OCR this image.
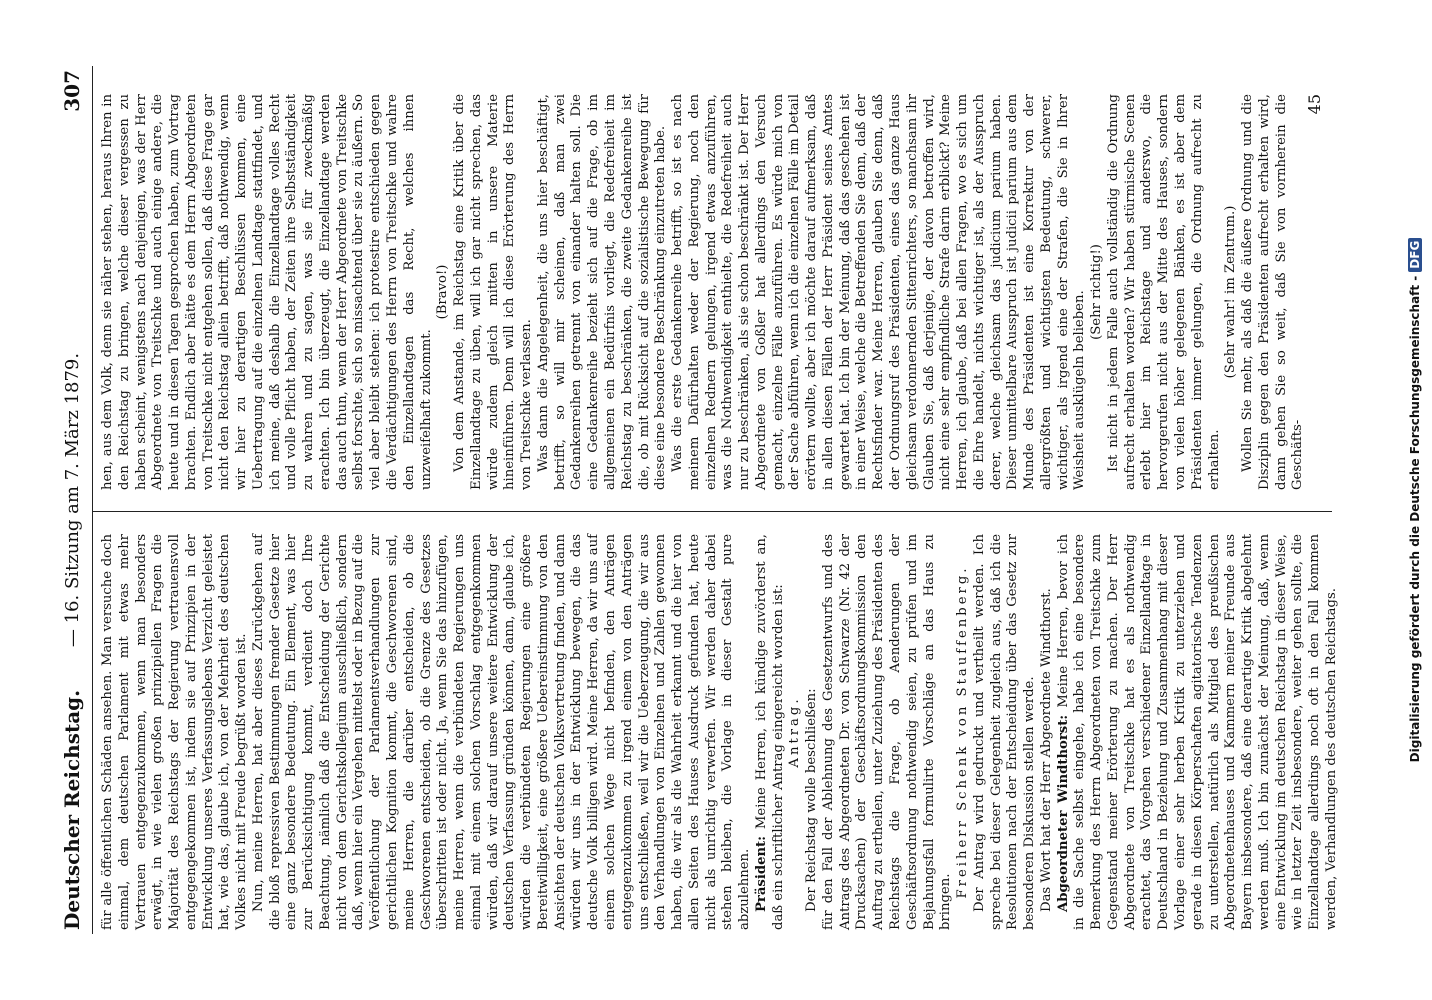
Deutscher Reichstag.
— 16. Sitzung am 7. März 1879.
307

für alle öffentlichen Schäden ansehen. Man versuche doch einmal, dem deutschen Parlament mit etwas mehr Vertrauen entgegenzukommen, wenn man besonders erwägt, in wie vielen großen prinzipiellen Fragen die Majorität des Reichstags der Regierung vertrauensvoll entgegengekommen ist, indem sie auf Prinzipien in der Entwicklung unseres Verfassungslebens Verzicht geleistet hat, wie das, glaube ich, von der Mehrheit des deutschen Volkes nicht mit Freude begrüßt worden ist. Nun, meine Herren, hat aber dieses Zurückgehen auf die bloß repressiven Bestimmungen fremder Gesetze hier eine ganz besondere Bedeutung. Ein Element, was hier zur Berücksichtigung kommt, verdient doch Ihre Beachtung, nämlich daß die Entscheidung der Gerichte nicht von dem Gerichtskollegium ausschließlich, sondern daß, wenn hier ein Vergehen mittelst oder in Bezug auf die Veröffentlichung der Parlamentsverhandlungen zur gerichtlichen Kognition kommt, die Geschworenen sind, meine Herren, die darüber entscheiden, ob die Geschworenen entscheiden, ob die Grenze des Gesetzes überschritten ist oder nicht. Ja, wenn Sie das hinzufügen, meine Herren, wenn die verbündeten Regierungen uns einmal mit einem solchen Vorschlag entgegenkommen würden, daß wir darauf unsere weitere Entwicklung der deutschen Verfassung gründen können, dann, glaube ich, würden die verbündeten Regierungen eine größere Bereitwilligkeit, eine größere Uebereinstimmung von den Ansichten der deutschen Volksvertretung finden, und dann würden wir uns in der Entwicklung bewegen, die das deutsche Volk billigen wird. Meine Herren, da wir uns auf einem solchen Wege nicht befinden, den Anträgen entgegenzukommen zu irgend einem von den Anträgen uns entschließen, weil wir die Ueberzeugung, die wir aus den Verhandlungen von Einzelnen und Zahlen gewonnen haben, die wir als die Wahrheit erkannt und die hier von allen Seiten des Hauses Ausdruck gefunden hat, heute nicht als unrichtig verwerfen. Wir werden daher dabei stehen bleiben, die Vorlage in dieser Gestalt pure abzulehnen. Präsident: Meine Herren, ich kündige zuvörderst an, daß ein schriftlicher Antrag eingereicht worden ist: Antrag. Der Reichstag wolle beschließen: für den Fall der Ablehnung des Gesetzentwurfs und des Antrags des Abgeordneten Dr. von Schwarze (Nr. 42 der Drucksachen) der Geschäftsordnungskommission den Auftrag zu ertheilen, unter Zuziehung des Präsidenten des Reichstags die Frage, ob Aenderungen der Geschäftsordnung nothwendig seien, zu prüfen und im Bejahungsfall formulirte Vorschläge an das Haus zu bringen.

Freiherr Schenk von Stauffenberg. Der Antrag wird gedruckt und vertheilt werden. Ich spreche bei dieser Gelegenheit zugleich aus, daß ich die Resolutionen nach der Entscheidung über das Gesetz zur besonderen Diskussion stellen werde. Das Wort hat der Herr Abgeordnete Windthorst. Abgeordneter Windthorst: Meine Herren, bevor ich in die Sache selbst eingehe, habe ich eine besondere Bemerkung des Herrn Abgeordneten von Treitschke zum Gegenstand meiner Erörterung zu machen. Der Herr Abgeordnete von Treitschke hat es als nothwendig erachtet, das Vorgehen verschiedener Einzellandtage in Deutschland in Beziehung und Zusammenhang mit dieser Vorlage einer sehr herben Kritik zu unterziehen und gerade in diesen Körperschaften agitatorische Tendenzen zu unterstellen, natürlich als Mitglied des preußischen Abgeordnetenhauses und Kammern meiner Freunde aus Bayern insbesondere, daß eine derartige Kritik abgelehnt werden muß. Ich bin zunächst der Meinung, daß, wenn eine Entwicklung im deutschen Reichstag in dieser Weise, wie in letzter Zeit insbesondere, weiter gehen sollte, die Einzellandtage allerdings noch oft in den Fall kommen werden, Verhandlungen des deutschen Reichstags.

hen, aus dem Volk, denn sie näher stehen, heraus Ihren in den Reichstag zu bringen, welche dieser vergessen zu haben scheint, wenigstens nach denjenigen, was der Herr Abgeordnete von Treitschke und auch einige andere, die heute und in diesen Tagen gesprochen haben, zum Vortrag brachten. Endlich aber hätte es dem Herrn Abgeordneten von Treitschke nicht entgehen sollen, daß diese Frage gar nicht den Reichstag allein betrifft, daß nothwendig, wenn wir hier zu derartigen Beschlüssen kommen, eine Uebertragung auf die einzelnen Landtage stattfindet, und ich meine, daß deshalb die Einzellandtage volles Recht und volle Pflicht haben, der Zeiten ihre Selbstständigkeit zu wahren und zu sagen, was sie für zweckmäßig erachten. Ich bin überzeugt, die Einzellandtage werden das auch thun, wenn der Herr Abgeordnete von Treitschke selbst forschte, sich so missachtend über sie zu äußern. So viel aber bleibt stehen: ich protestire entschieden gegen die Verdächtigungen des Herrn von Treitschke und wahre den Einzellandtagen das Recht, welches ihnen unzweifelhaft zukommt.

(Bravo!) Von dem Anstande, im Reichstag eine Kritik über die Einzellandtage zu üben, will ich gar nicht sprechen, das würde zudem gleich mitten in unsere Materie hineinführen. Denn will ich diese Erörterung des Herrn von Treitschke verlassen. Was dann die Angelegenheit, die uns hier beschäftigt, betrifft, so will mir scheinen, daß man zwei Gedankenreihen getrennt von einander halten soll. Die eine Gedankenreihe bezieht sich auf die Frage, ob im allgemeinen ein Bedürfnis vorliegt, die Redefreiheit im Reichstag zu beschränken, die zweite Gedankenreihe ist die, ob mit Rücksicht auf die sozialistische Bewegung für diese eine besondere Beschränkung einzutreten habe. Was die erste Gedankenreihe betrifft, so ist es nach meinem Dafürhalten weder der Regierung, noch den einzelnen Rednern gelungen, irgend etwas anzuführen, was die Nothwendigkeit enthielte, die Redefreiheit auch nur zu beschränken, als sie schon beschränkt ist. Der Herr Abgeordnete von Goßler hat allerdings den Versuch gemacht, einzelne Fälle anzuführen. Es würde mich von der Sache abführen, wenn ich die einzelnen Fälle im Detail erörtern wollte, aber ich möchte darauf aufmerksam, daß in allen diesen Fällen der Herr Präsident seines Amtes gewartet hat. Ich bin der Meinung, daß das geschehen ist in einer Weise, welche die Betreffenden Sie denn, daß der Rechtsfinder war. Meine Herren, glauben Sie denn, daß der Ordnungsruf des Präsidenten, eines das ganze Haus gleichsam verdonnernden Sittenrichters, so manchsam ihr Glauben Sie, daß derjenige, der davon betroffen wird, nicht eine sehr empfindliche Strafe darin erblickt? Meine Herren, ich glaube, daß bei allen Fragen, wo es sich um die Ehre handelt, nichts wichtiger ist, als der Ausspruch derer, welche gleichsam das judicium parium haben. Dieser unmittelbare Ausspruch ist judicii parium aus dem Munde des Präsidenten ist eine Korrektur von der allergrößten und wichtigsten Bedeutung, schwerer, wichtiger, als irgend eine der Strafen, die Sie in Ihrer Weisheit ausklügeln belieben. (Sehr richtig!) Ist nicht in jedem Falle auch vollständig die Ordnung aufrecht erhalten worden? Wir haben stürmische Scenen erlebt hier im Reichstage und anderswo, die hervorgerufen nicht aus der Mitte des Hauses, sondern von vielen höher gelegenen Bänken, es ist aber dem Präsidenten immer gelungen, die Ordnung aufrecht zu erhalten.

(Sehr wahr! im Zentrum.) Wollen Sie mehr, als daß die äußere Ordnung und die Disziplin gegen den Präsidenten aufrecht erhalten wird, dann gehen Sie so weit, daß Sie von vornherein die Geschäfts-

45

Digitalisierung gefördert durch die Deutsche Forschungsgemeinschaft -DFG
